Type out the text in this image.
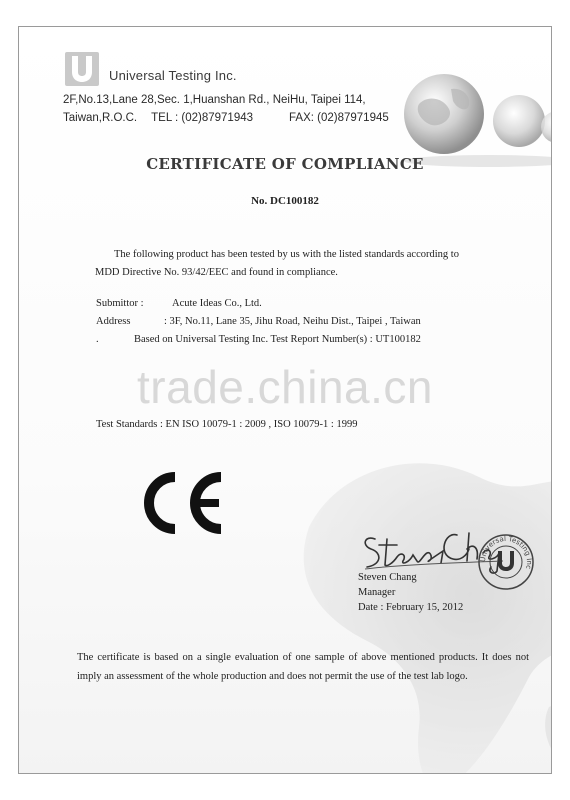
Universal Testing Inc.
2F,No.13,Lane 28,Sec. 1,Huanshan Rd., NeiHu, Taipei 114,
Taiwan,R.O.C. TEL : (02)87971943	FAX: (02)87971945
CERTIFICATE OF COMPLIANCE
No. DC100182
The following product has been tested by us with the listed standards according to
MDD Directive No. 93/42/EEC and found in compliance.
Submittor :	Acute Ideas Co., Ltd.
Address	: 3F, No.11, Lane 35, Jihu Road, Neihu Dist., Taipei , Taiwan
.	Based on Universal Testing Inc. Test Report Number(s) : UT100182
trade.china.cn
Test Standards : EN ISO 10079-1 : 2009 , ISO 10079-1 : 1999
Universal Testing Inc
Steven Chang
Manager
Date : February 15, 2012
The certificate is based on a single evaluation of one sample of above mentioned products. It does not imply an assessment of the whole production and does not permit the use of the test lab logo.
